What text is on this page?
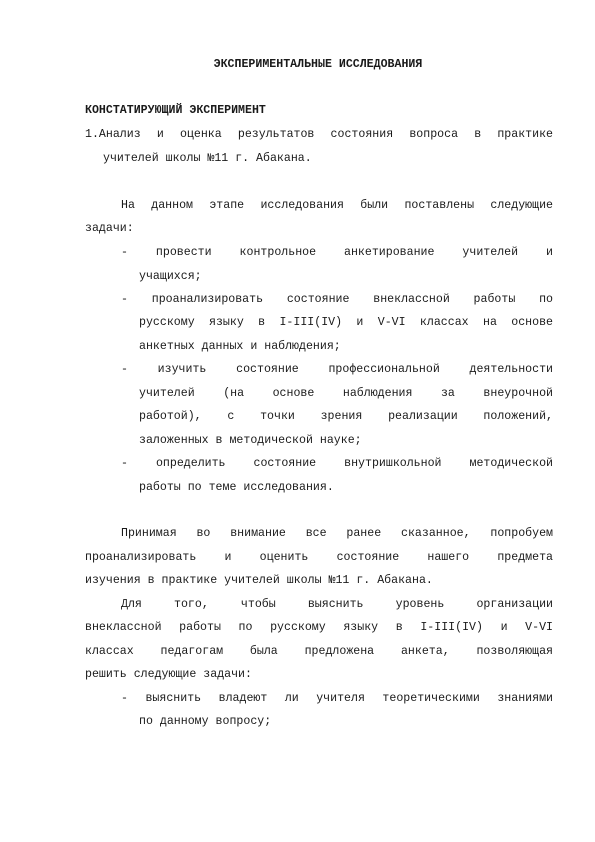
ЭКСПЕРИМЕНТАЛЬНЫЕ ИССЛЕДОВАНИЯ
КОНСТАТИРУЮЩИЙ ЭКСПЕРИМЕНТ
1.Анализ и оценка результатов состояния вопроса в практике
учителей школы №11 г. Абакана.
На данном этапе исследования были поставлены следующие
задачи:
- провести контрольное анкетирование учителей и
учащихся;
- проанализировать состояние внеклассной работы по
русскому языку в I-III(IV) и V-VI классах на основе
анкетных данных и наблюдения;
- изучить состояние профессиональной деятельности
учителей (на основе наблюдения за внеурочной
работой), с точки зрения реализации положений,
заложенных в методической науке;
- определить состояние внутришкольной методической
работы по теме исследования.
Принимая во внимание все ранее сказанное, попробуем
проанализировать и оценить состояние нашего предмета
изучения в практике учителей школы №11 г. Абакана.
Для того, чтобы выяснить уровень организации
внеклассной работы по русскому языку в I-III(IV) и V-VI
классах педагогам была предложена анкета, позволяющая
решить следующие задачи:
- выяснить владеют ли учителя теоретическими знаниями
по данному вопросу;
